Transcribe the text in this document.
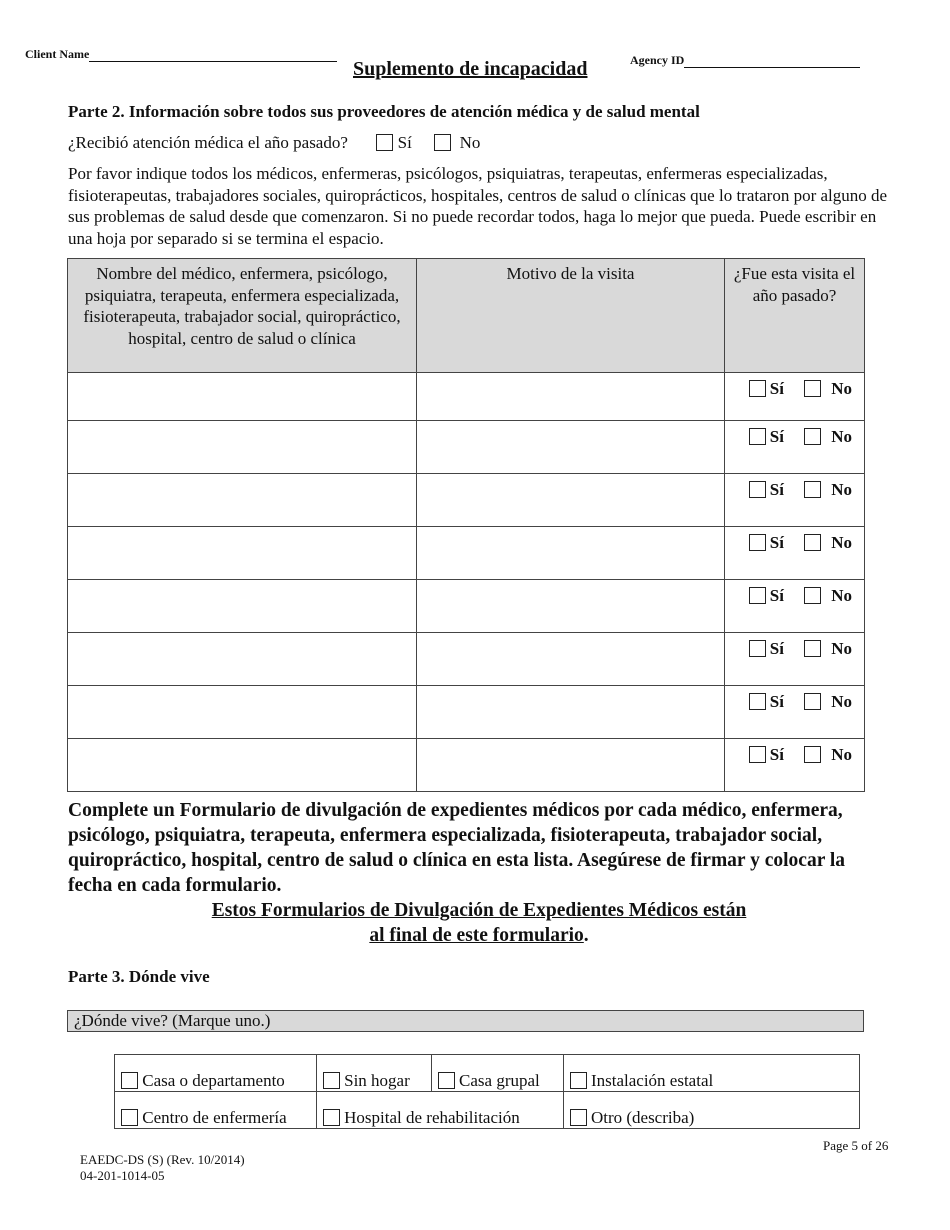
Client Name
Suplemento de incapacidad	Agency ID
Parte 2. Información sobre todos sus proveedores de atención médica y de salud mental
¿Recibió atención médica el año pasado?	Sí	No
Por favor indique todos los médicos, enfermeras, psicólogos, psiquiatras, terapeutas, enfermeras especializadas, fisioterapeutas, trabajadores sociales, quiroprácticos, hospitales, centros de salud o clínicas que lo trataron por alguno de sus problemas de salud desde que comenzaron. Si no puede recordar todos, haga lo mejor que pueda. Puede escribir en una hoja por separado si se termina el espacio.
Nombre del médico, enfermera, psicólogo, psiquiatra, terapeuta, enfermera especializada, fisioterapeuta, trabajador social, quiropráctico, hospital, centro de salud o clínica	Motivo de la visita	¿Fue esta visita el año pasado?
		Sí No
		Sí No
		Sí No
		Sí No
		Sí No
		Sí No
		Sí No
		Sí No
Complete un Formulario de divulgación de expedientes médicos por cada médico, enfermera, psicólogo, psiquiatra, terapeuta, enfermera especializada, fisioterapeuta, trabajador social, quiropráctico, hospital, centro de salud o clínica en esta lista. Asegúrese de firmar y colocar la fecha en cada formulario.
Estos Formularios de Divulgación de Expedientes Médicos están
al final de este formulario.
Parte 3. Dónde vive
¿Dónde vive? (Marque uno.)
Casa o departamento	Sin hogar	Casa grupal	Instalación estatal
Centro de enfermería	Hospital de rehabilitación		Otro (describa)
Page 5 of 26
EAEDC-DS (S) (Rev. 10/2014)
04-201-1014-05
